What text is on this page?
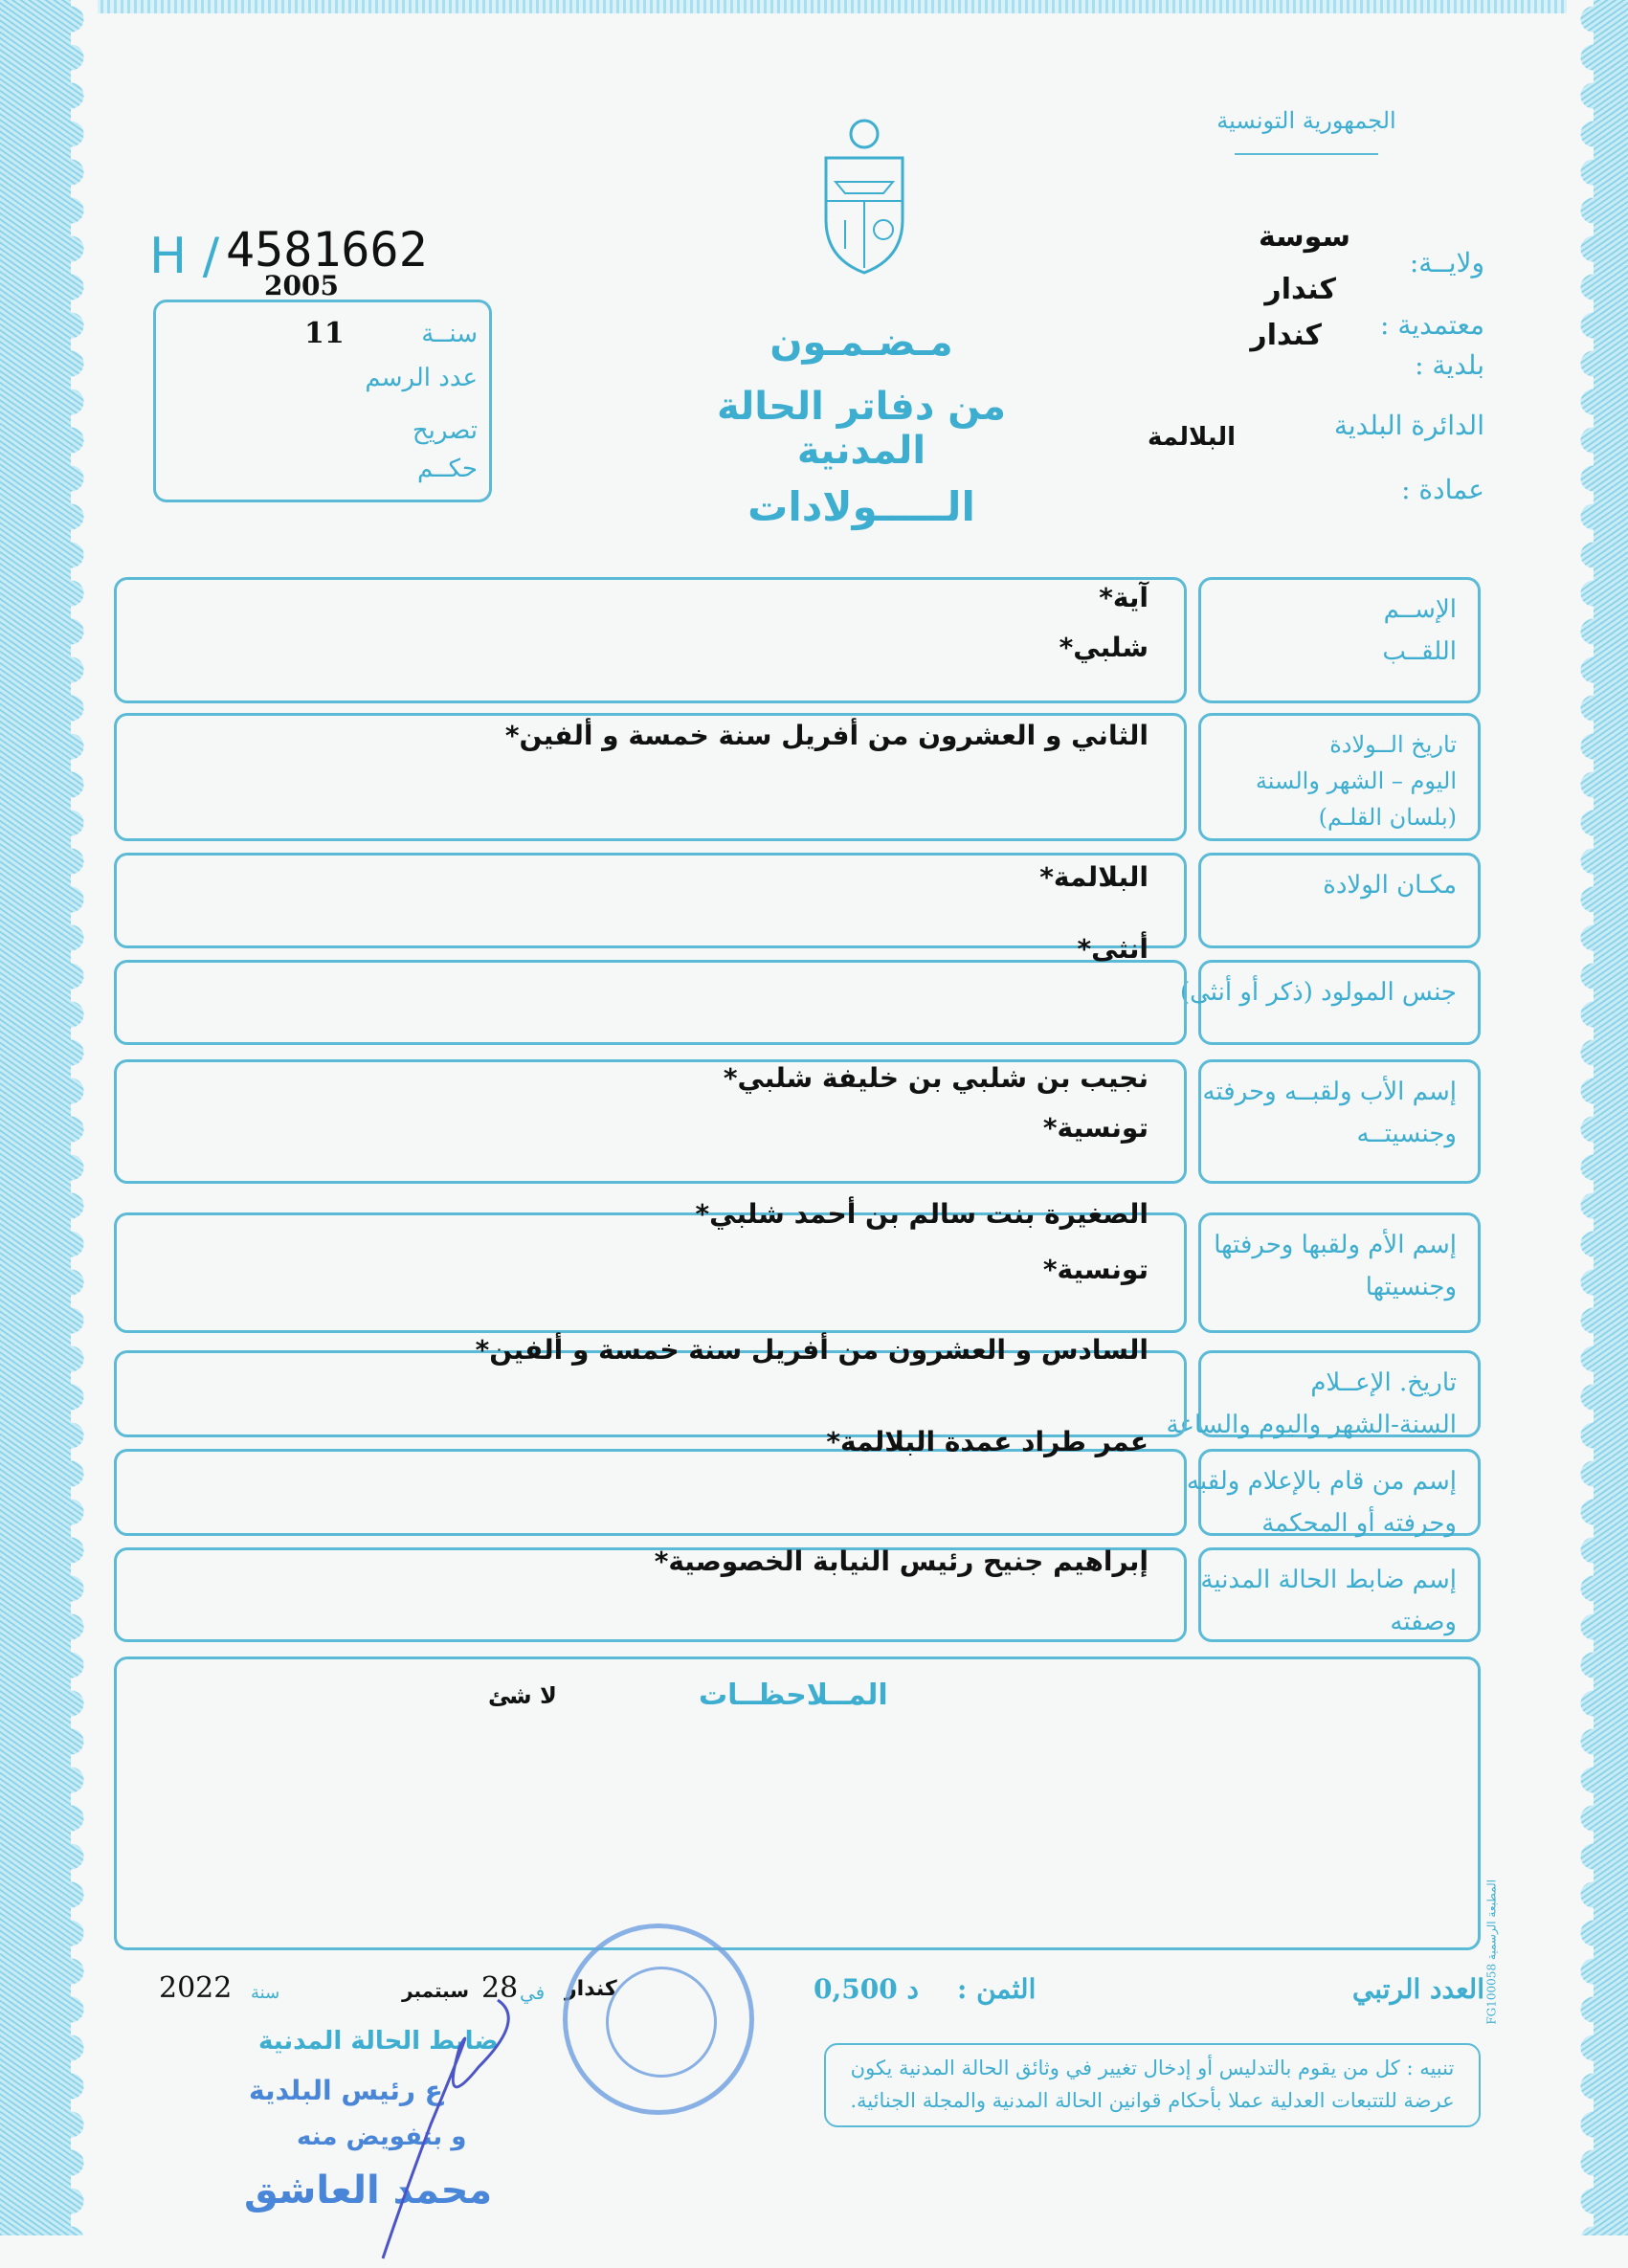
الجمهورية التونسية
ولايــة:
سوسة
معتمدية :
كندار
بلدية :
كندار
الدائرة البلدية
البلالمة
عمادة :
H / 4581662
2005
سنــة
11
عدد الرسم
تصريح
حكــم
مـضـمـون
من دفاتر الحالة المدنية
الـــــولادات
الإســم
اللقــب
آية*
شلبي*
تاريخ الــولادة
اليوم – الشهر والسنة
(بلسان القلـم)
الثاني و العشرون من أفريل سنة خمسة و ألفين*
مكـان الولادة
البلالمة*
جنس المولود (ذكر أو أنثى)
أنثى*
إسم الأب ولقبــه وحرفته
وجنسيتــه
نجيب بن شلبي بن خليفة شلبي*
تونسية*
إسم الأم ولقبها وحرفتها
وجنسيتها
الصغيرة بنت سالم بن أحمد شلبي*
تونسية*
تاريخ. الإعــلام
السنة-الشهر واليوم والساعة
السادس و العشرون من أفريل سنة خمسة و ألفين*
إسم من قام بالإعلام ولقبه
وحرفته أو المحكمة
عمر طراد عمدة البلالمة*
إسم ضابط الحالة المدنية
وصفته
إبراهيم جنيح رئيس النيابة الخصوصية*
المــلاحظــات
لا شئ
المطبعة الرسمية FG100058
العدد الرتبي
الثمن :
0,500 د
كندار
في
28
سبتمبر
سنة
2022
تنبيه : كل من يقوم بالتدليس أو إدخال تغيير في وثائق الحالة المدنية يكون عرضة للتتبعات العدلية عملا بأحكام قوانين الحالة المدنية والمجلة الجنائية.
ضابط الحالة المدنية
ع رئيس البلدية
و بتفويض منه
محمد العاشق
